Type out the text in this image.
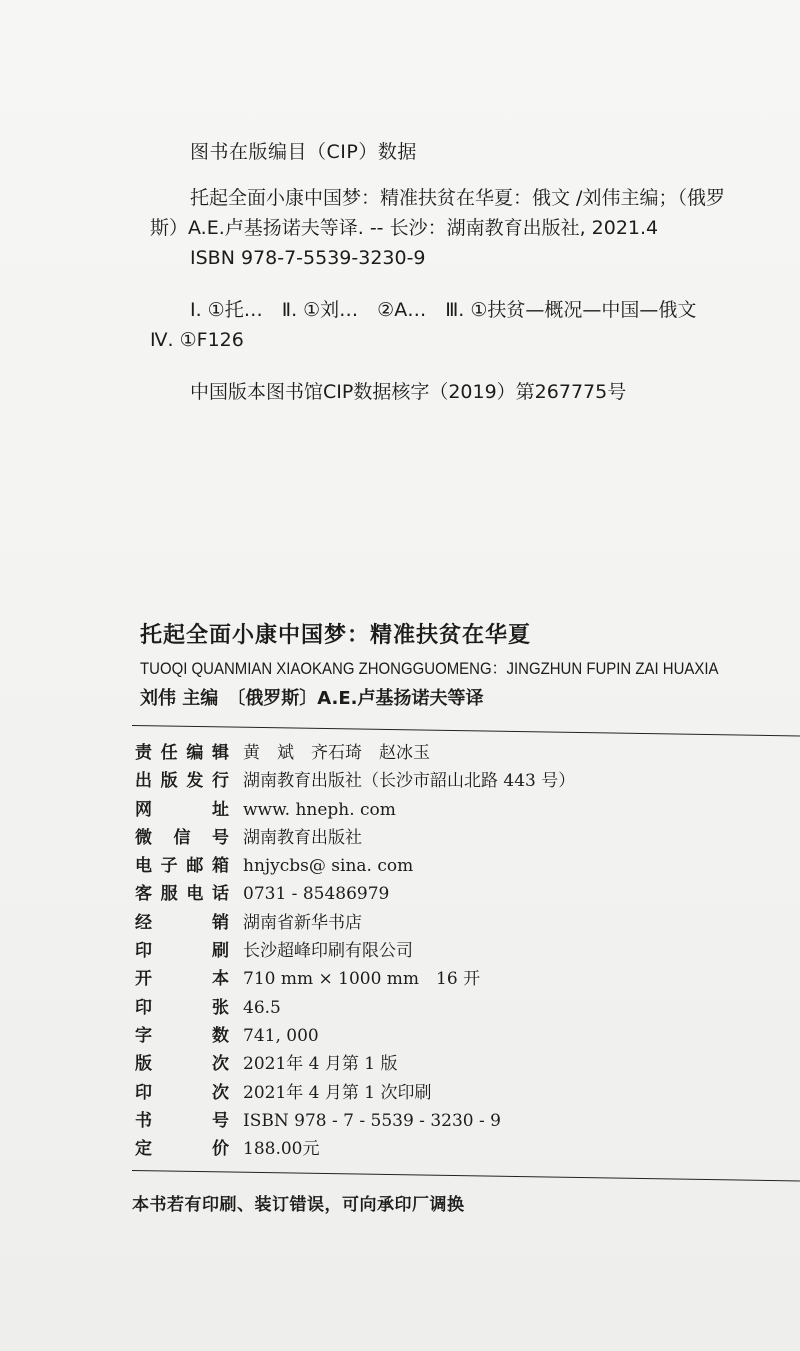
图书在版编目（CIP）数据
托起全面小康中国梦：精准扶贫在华夏：俄文 /刘伟主编；（俄罗
斯）A.E.卢基扬诺夫等译. -- 长沙：湖南教育出版社, 2021.4
ISBN 978-7-5539-3230-9
Ⅰ. ①托…　Ⅱ. ①刘…　②A…　Ⅲ. ①扶贫—概况—中国—俄文
Ⅳ. ①F126
中国版本图书馆CIP数据核字（2019）第267775号
托起全面小康中国梦：精准扶贫在华夏
TUOQI QUANMIAN XIAOKANG ZHONGGUOMENG：JINGZHUN FUPIN ZAI HUAXIA
刘伟 主编　〔俄罗斯〕A.E.卢基扬诺夫等译
责 任 编 辑 黄　斌　齐石琦　赵冰玉
出 版 发 行 湖南教育出版社（长沙市韶山北路 443 号）
网	址 www. hneph. com
微 信 号 湖南教育出版社
电 子 邮 箱 hnjycbs@ sina. com
客 服 电 话 0731 - 85486979
经	销 湖南省新华书店
印	刷 长沙超峰印刷有限公司
开	本 710 mm × 1000 mm　16 开
印	张 46.5
字	数 741, 000
版	次 2021年 4 月第 1 版
印	次 2021年 4 月第 1 次印刷
书	号 ISBN 978 - 7 - 5539 - 3230 - 9
定	价 188.00元
本书若有印刷、装订错误，可向承印厂调换
